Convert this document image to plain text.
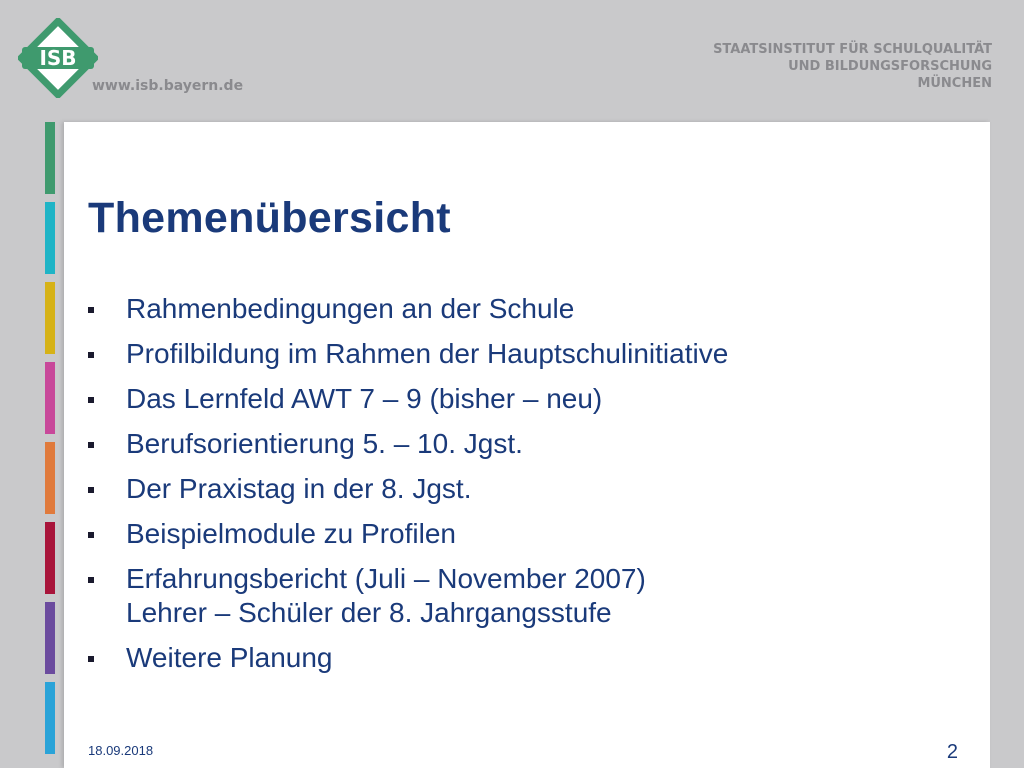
ISB
www.isb.bayern.de
STAATSINSTITUT FÜR SCHULQUALITÄT
UND BILDUNGSFORSCHUNG
MÜNCHEN
Themenübersicht
Rahmenbedingungen an der Schule
Profilbildung im Rahmen der Hauptschulinitiative
Das Lernfeld AWT 7 – 9 (bisher – neu)
Berufsorientierung 5. – 10. Jgst.
Der Praxistag in der 8. Jgst.
Beispielmodule zu Profilen
Erfahrungsbericht (Juli – November 2007)
Lehrer – Schüler der 8. Jahrgangsstufe
Weitere Planung
18.09.2018	2
